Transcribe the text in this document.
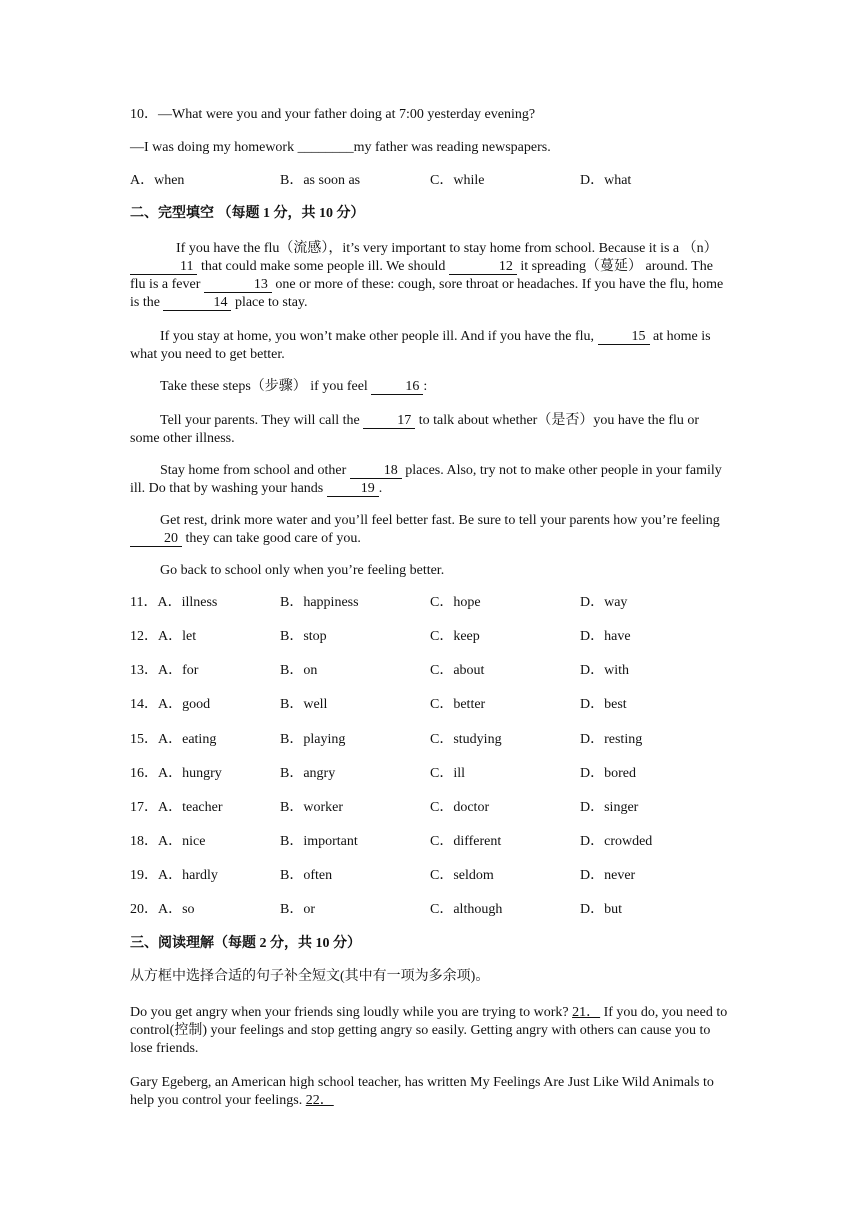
10．—What were you and your father doing at 7:00 yesterday evening?
—I was doing my homework ________my father was reading newspapers.
A．when	B．as soon as	C．while	D．what
二、完型填空 （每题 1 分，共 10 分）
If you have the flu（流感），it’s very important to stay home from school. Because it is a （n）11 that could make some people ill. We should	12 it spreading（蔓延） around. The flu is a fever	13 one or more of these: cough, sore throat or headaches. If you have the flu, home is the	14 place to stay.
If you stay at home, you won’t make other people ill. And if you have the flu, 15 at home is what you need to get better.
Take these steps（步骤） if you feel 16 :
Tell your parents. They will call the 17 to talk about whether（是否）you have the flu or some other illness.
Stay home from school and other 18 places. Also, try not to make other people in your family ill. Do that by washing your hands 19 .
Get rest, drink more water and you’ll feel better fast. Be sure to tell your parents how you’re feeling 20 they can take good care of you.
Go back to school only when you’re feeling better.
11．A．illness	B．happiness	C．hope	D．way
12．A．let	B．stop	C．keep	D．have
13．A．for	B．on	C．about	D．with
14．A．good	B．well	C．better	D．best
15．A．eating	B．playing	C．studying	D．resting
16．A．hungry	B．angry	C．ill	D．bored
17．A．teacher	B．worker	C．doctor	D．singer
18．A．nice	B．important	C．different	D．crowded
19．A．hardly	B．often	C．seldom	D．never
20．A．so	B．or	C．although	D．but
三、阅读理解（每题 2 分，共 10 分）
从方框中选择合适的句子补全短文(其中有一项为多余项)。
Do you get angry when your friends sing loudly while you are trying to work? 21． If you do, you need to control(控制) your feelings and stop getting angry so easily. Getting angry with others can cause you to lose friends.
Gary Egeberg, an American high school teacher, has written My Feelings Are Just Like Wild Animals to help you control your feelings. 22．
